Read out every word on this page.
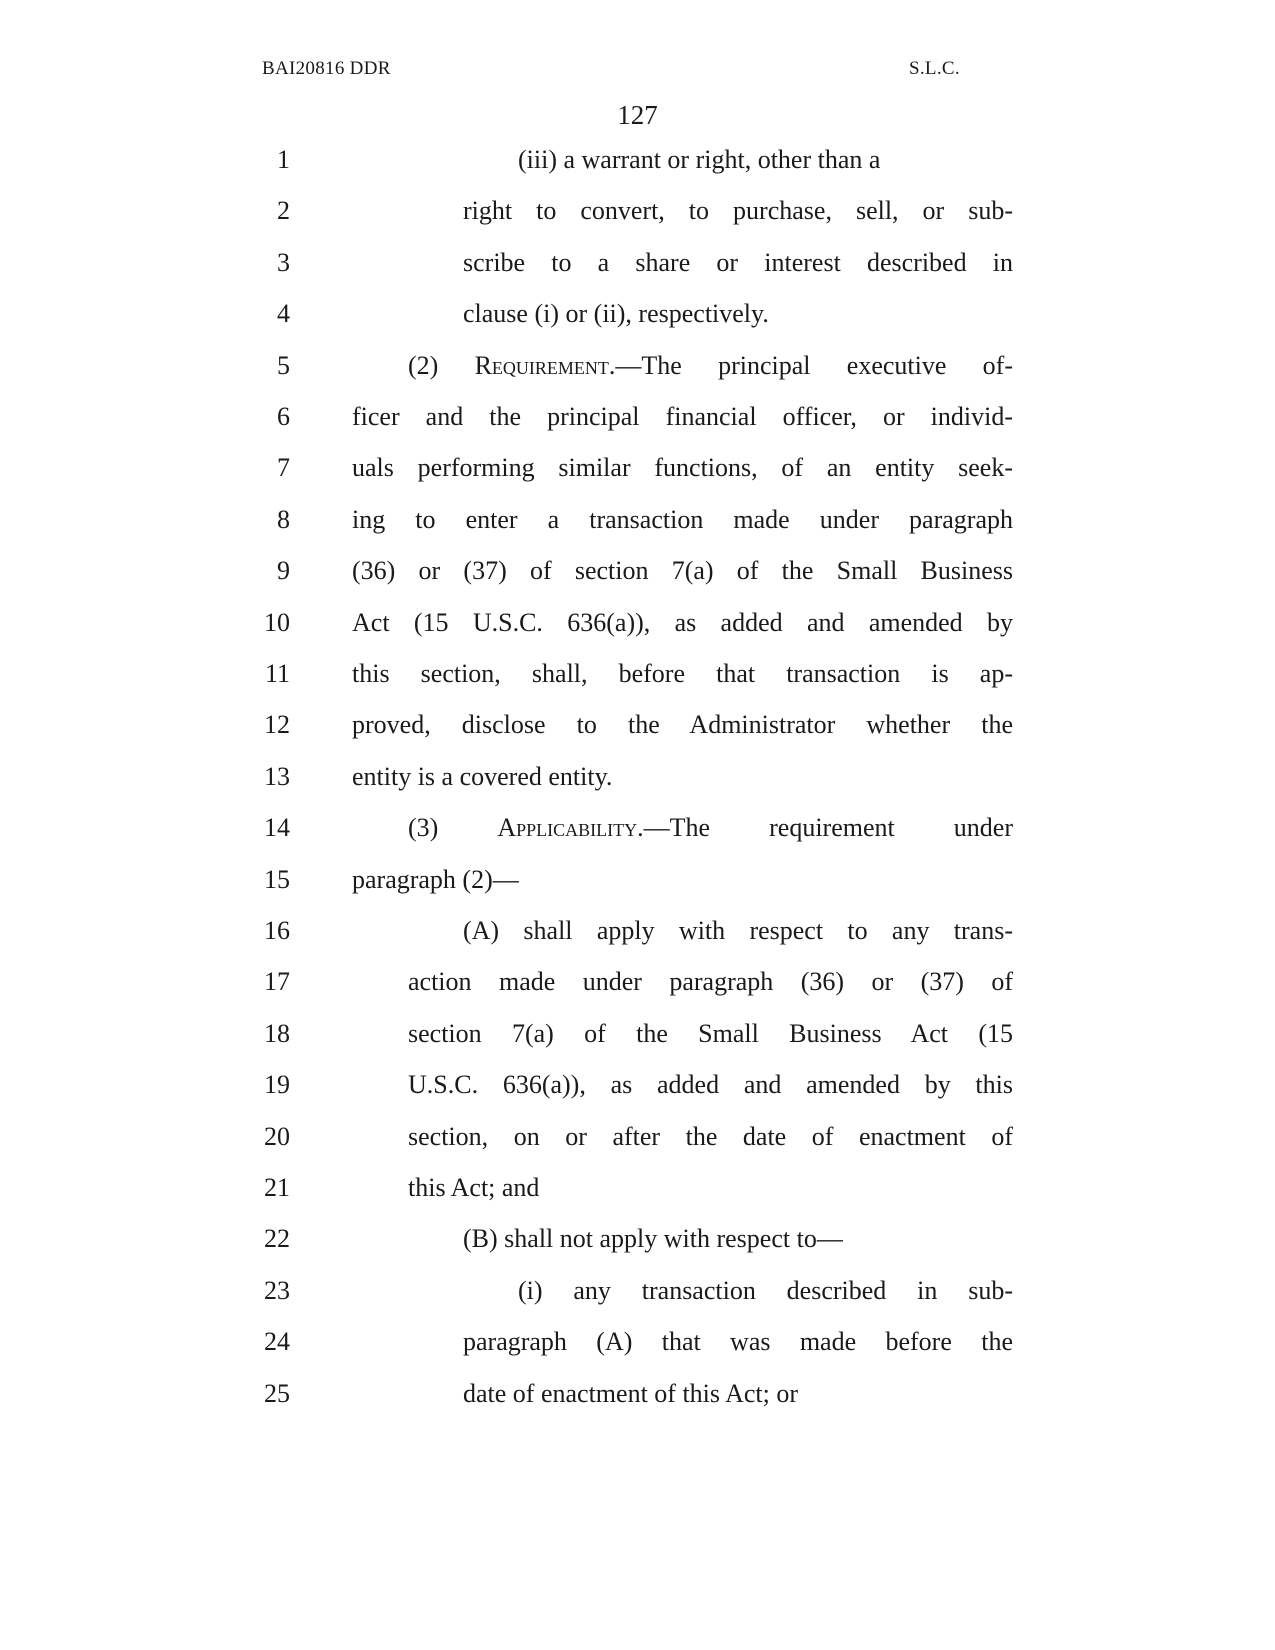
BAI20816 DDR	S.L.C.
127
1	(iii) a warrant or right, other than a
2	right to convert, to purchase, sell, or sub-
3	scribe to a share or interest described in
4	clause (i) or (ii), respectively.
5	(2) Requirement.—The principal executive of-
6 ficer and the principal financial officer, or individ-
7 uals performing similar functions, of an entity seek-
8 ing to enter a transaction made under paragraph
9 (36) or (37) of section 7(a) of the Small Business
10 Act (15 U.S.C. 636(a)), as added and amended by
11 this section, shall, before that transaction is ap-
12 proved, disclose to the Administrator whether the
13 entity is a covered entity.
14	(3) Applicability.—The requirement under
15 paragraph (2)—
16	(A) shall apply with respect to any trans-
17	action made under paragraph (36) or (37) of
18	section 7(a) of the Small Business Act (15
19	U.S.C. 636(a)), as added and amended by this
20	section, on or after the date of enactment of
21	this Act; and
22	(B) shall not apply with respect to—
23	(i) any transaction described in sub-
24	paragraph (A) that was made before the
25	date of enactment of this Act; or
